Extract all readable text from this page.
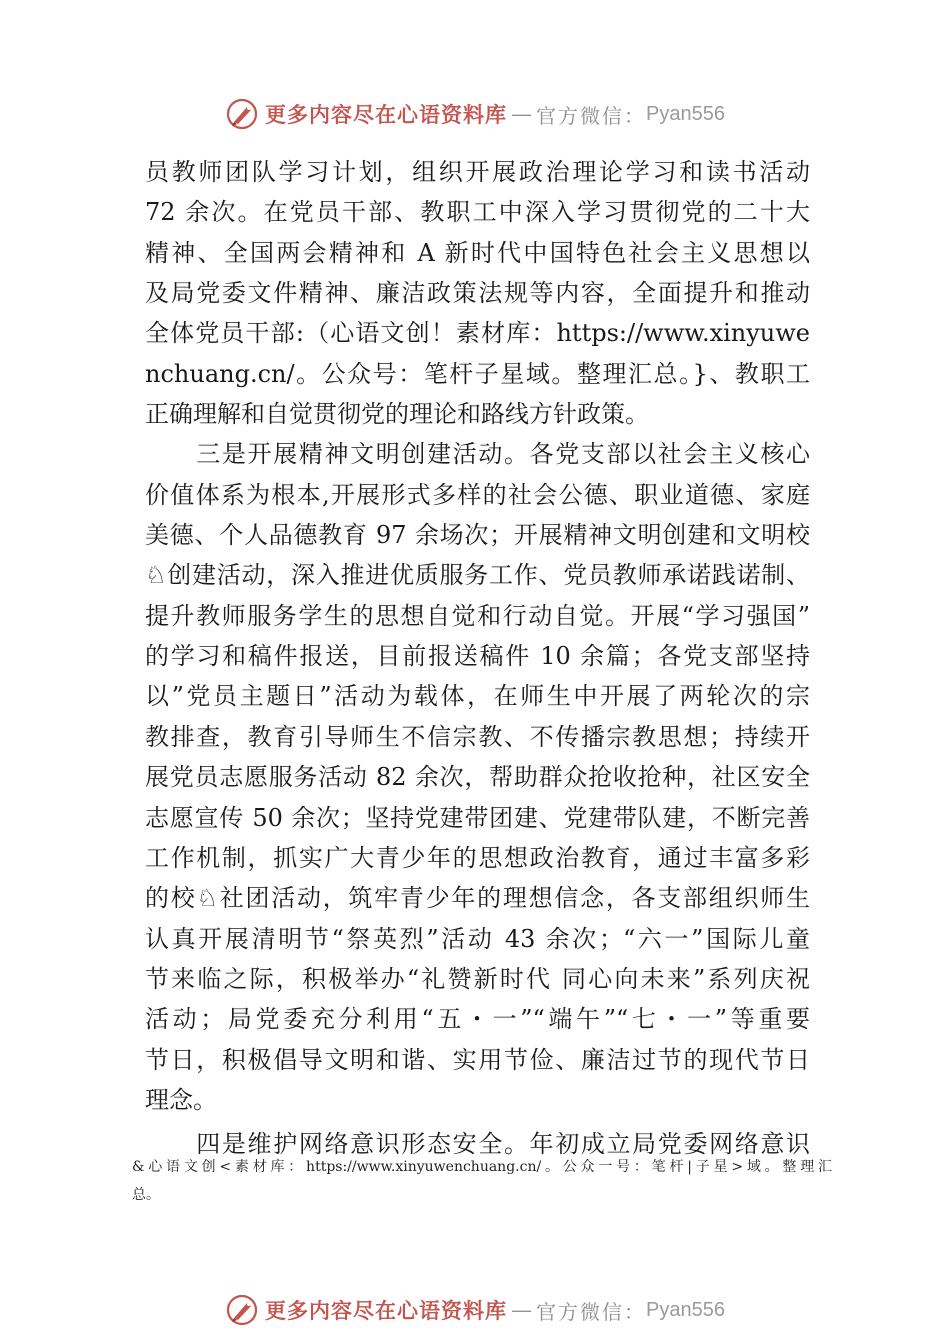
更多内容尽在心语资料库 — 官方微信： Pyan556
员教师团队学习计划，组织开展政治理论学习和读书活动
72 余次。在党员干部、教职工中深入学习贯彻党的二十大
精神、全国两会精神和 A 新时代中国特色社会主义思想以
及局党委文件精神、廉洁政策法规等内容，全面提升和推动
全体党员干部:（心语文创！素材库：https://www.xinyuwe
nchuang.cn/。公众号：笔杆子星域。整理汇总。}、教职工
正确理解和自觉贯彻党的理论和路线方针政策。
　　三是开展精神文明创建活动。各党支部以社会主义核心
价值体系为根本,开展形式多样的社会公德、职业道德、家庭
美德、个人品德教育 97 余场次；开展精神文明创建和文明校
♘创建活动，深入推进优质服务工作、党员教师承诺践诺制、
提升教师服务学生的思想自觉和行动自觉。开展“学习强国”
的学习和稿件报送，目前报送稿件 10 余篇；各党支部坚持
以”党员主题日”活动为载体，在师生中开展了两轮次的宗
教排查，教育引导师生不信宗教、不传播宗教思想；持续开
展党员志愿服务活动 82 余次，帮助群众抢收抢种，社区安全
志愿宣传 50 余次；坚持党建带团建、党建带队建，不断完善
工作机制，抓实广大青少年的思想政治教育，通过丰富多彩
的校♘社团活动，筑牢青少年的理想信念，各支部组织师生
认真开展清明节“祭英烈”活动 43 余次；“六一”国际儿童
节来临之际，积极举办“礼赞新时代 同心向未来”系列庆祝
活动；局党委充分利用“五・一”“端午”“七・一”等重要
节日，积极倡导文明和谐、实用节俭、廉洁过节的现代节日
理念。
　　四是维护网络意识形态安全。年初成立局党委网络意识
&心语文创<素材库：https://www.xinyuwenchuang.cn/。公众一号：笔杆|子星>域。整理汇
总。
更多内容尽在心语资料库 — 官方微信： Pyan556
